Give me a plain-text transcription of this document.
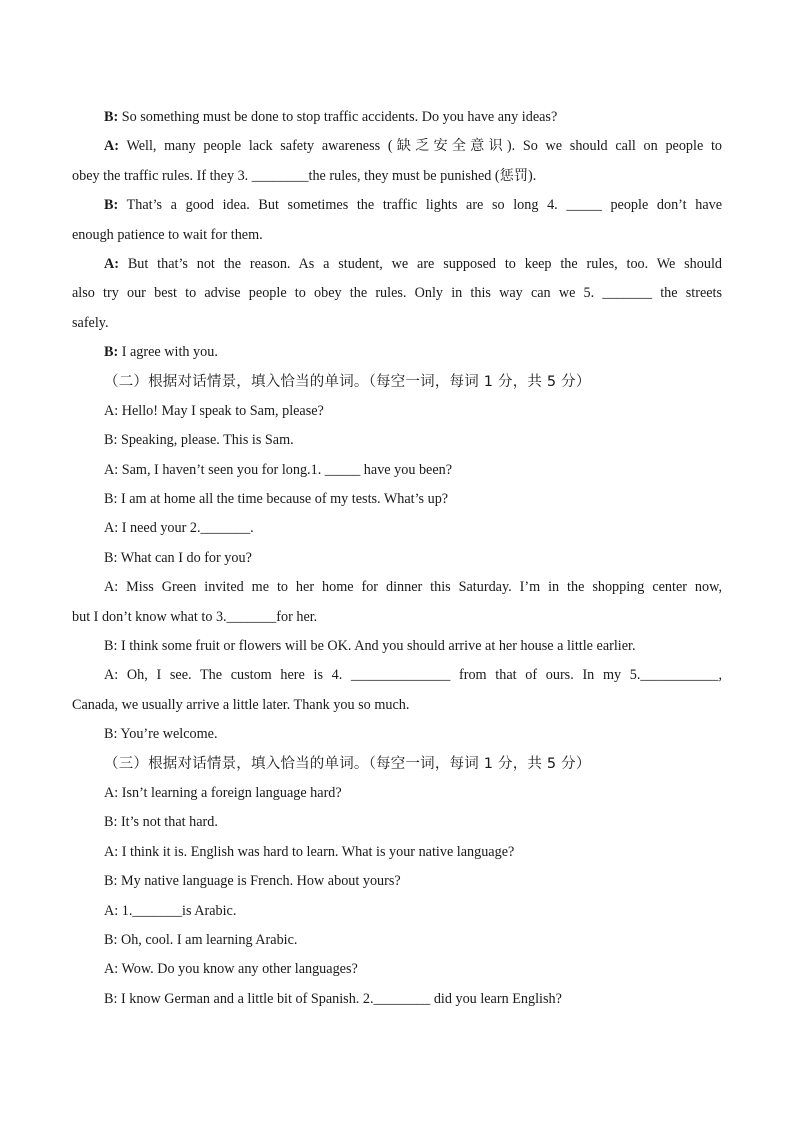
B: So something must be done to stop traffic accidents. Do you have any ideas?
A: Well, many people lack safety awareness (缺乏安全意识). So we should call on people to
obey the traffic rules. If they 3. ________the rules, they must be punished (惩罚).
B: That’s a good idea. But sometimes the traffic lights are so long 4. _____ people don’t have
enough patience to wait for them.
A: But that’s not the reason. As a student, we are supposed to keep the rules, too. We should
also try our best to advise people to obey the rules. Only in this way can we 5. _______ the streets
safely.
B: I agree with you.
（二）根据对话情景，填入恰当的单词。（每空一词，每词 1 分，共 5 分）
A: Hello! May I speak to Sam, please?
B: Speaking, please. This is Sam.
A: Sam, I haven’t seen you for long.1. _____ have you been?
B: I am at home all the time because of my tests. What’s up?
A: I need your 2._______.
B: What can I do for you?
A: Miss Green invited me to her home for dinner this Saturday. I’m in the shopping center now,
but I don’t know what to 3._______for her.
B: I think some fruit or flowers will be OK. And you should arrive at her house a little earlier.
A: Oh, I see. The custom here is 4. ______________ from that of ours. In my 5.___________,
Canada, we usually arrive a little later. Thank you so much.
B: You’re welcome.
（三）根据对话情景，填入恰当的单词。（每空一词，每词 1 分，共 5 分）
A: Isn’t learning a foreign language hard?
B: It’s not that hard.
A: I think it is. English was hard to learn. What is your native language?
B: My native language is French. How about yours?
A: 1._______is Arabic.
B: Oh, cool. I am learning Arabic.
A: Wow. Do you know any other languages?
B: I know German and a little bit of Spanish. 2.________ did you learn English?
